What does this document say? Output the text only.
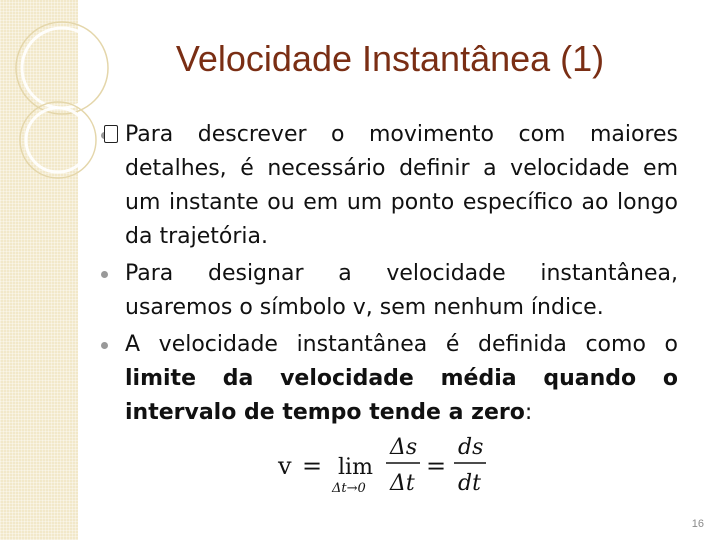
Velocidade Instantânea (1)
Para descrever o movimento com maiores detalhes, é necessário definir a velocidade em um instante ou em um ponto específico ao longo da trajetória.
Para designar a velocidade instantânea, usaremos o símbolo v, sem nenhum índice.
A velocidade instantânea é definida como o limite da velocidade média quando o intervalo de tempo tende a zero:
v = lim
Δt→0
Δs
Δt
=
ds
dt
16
